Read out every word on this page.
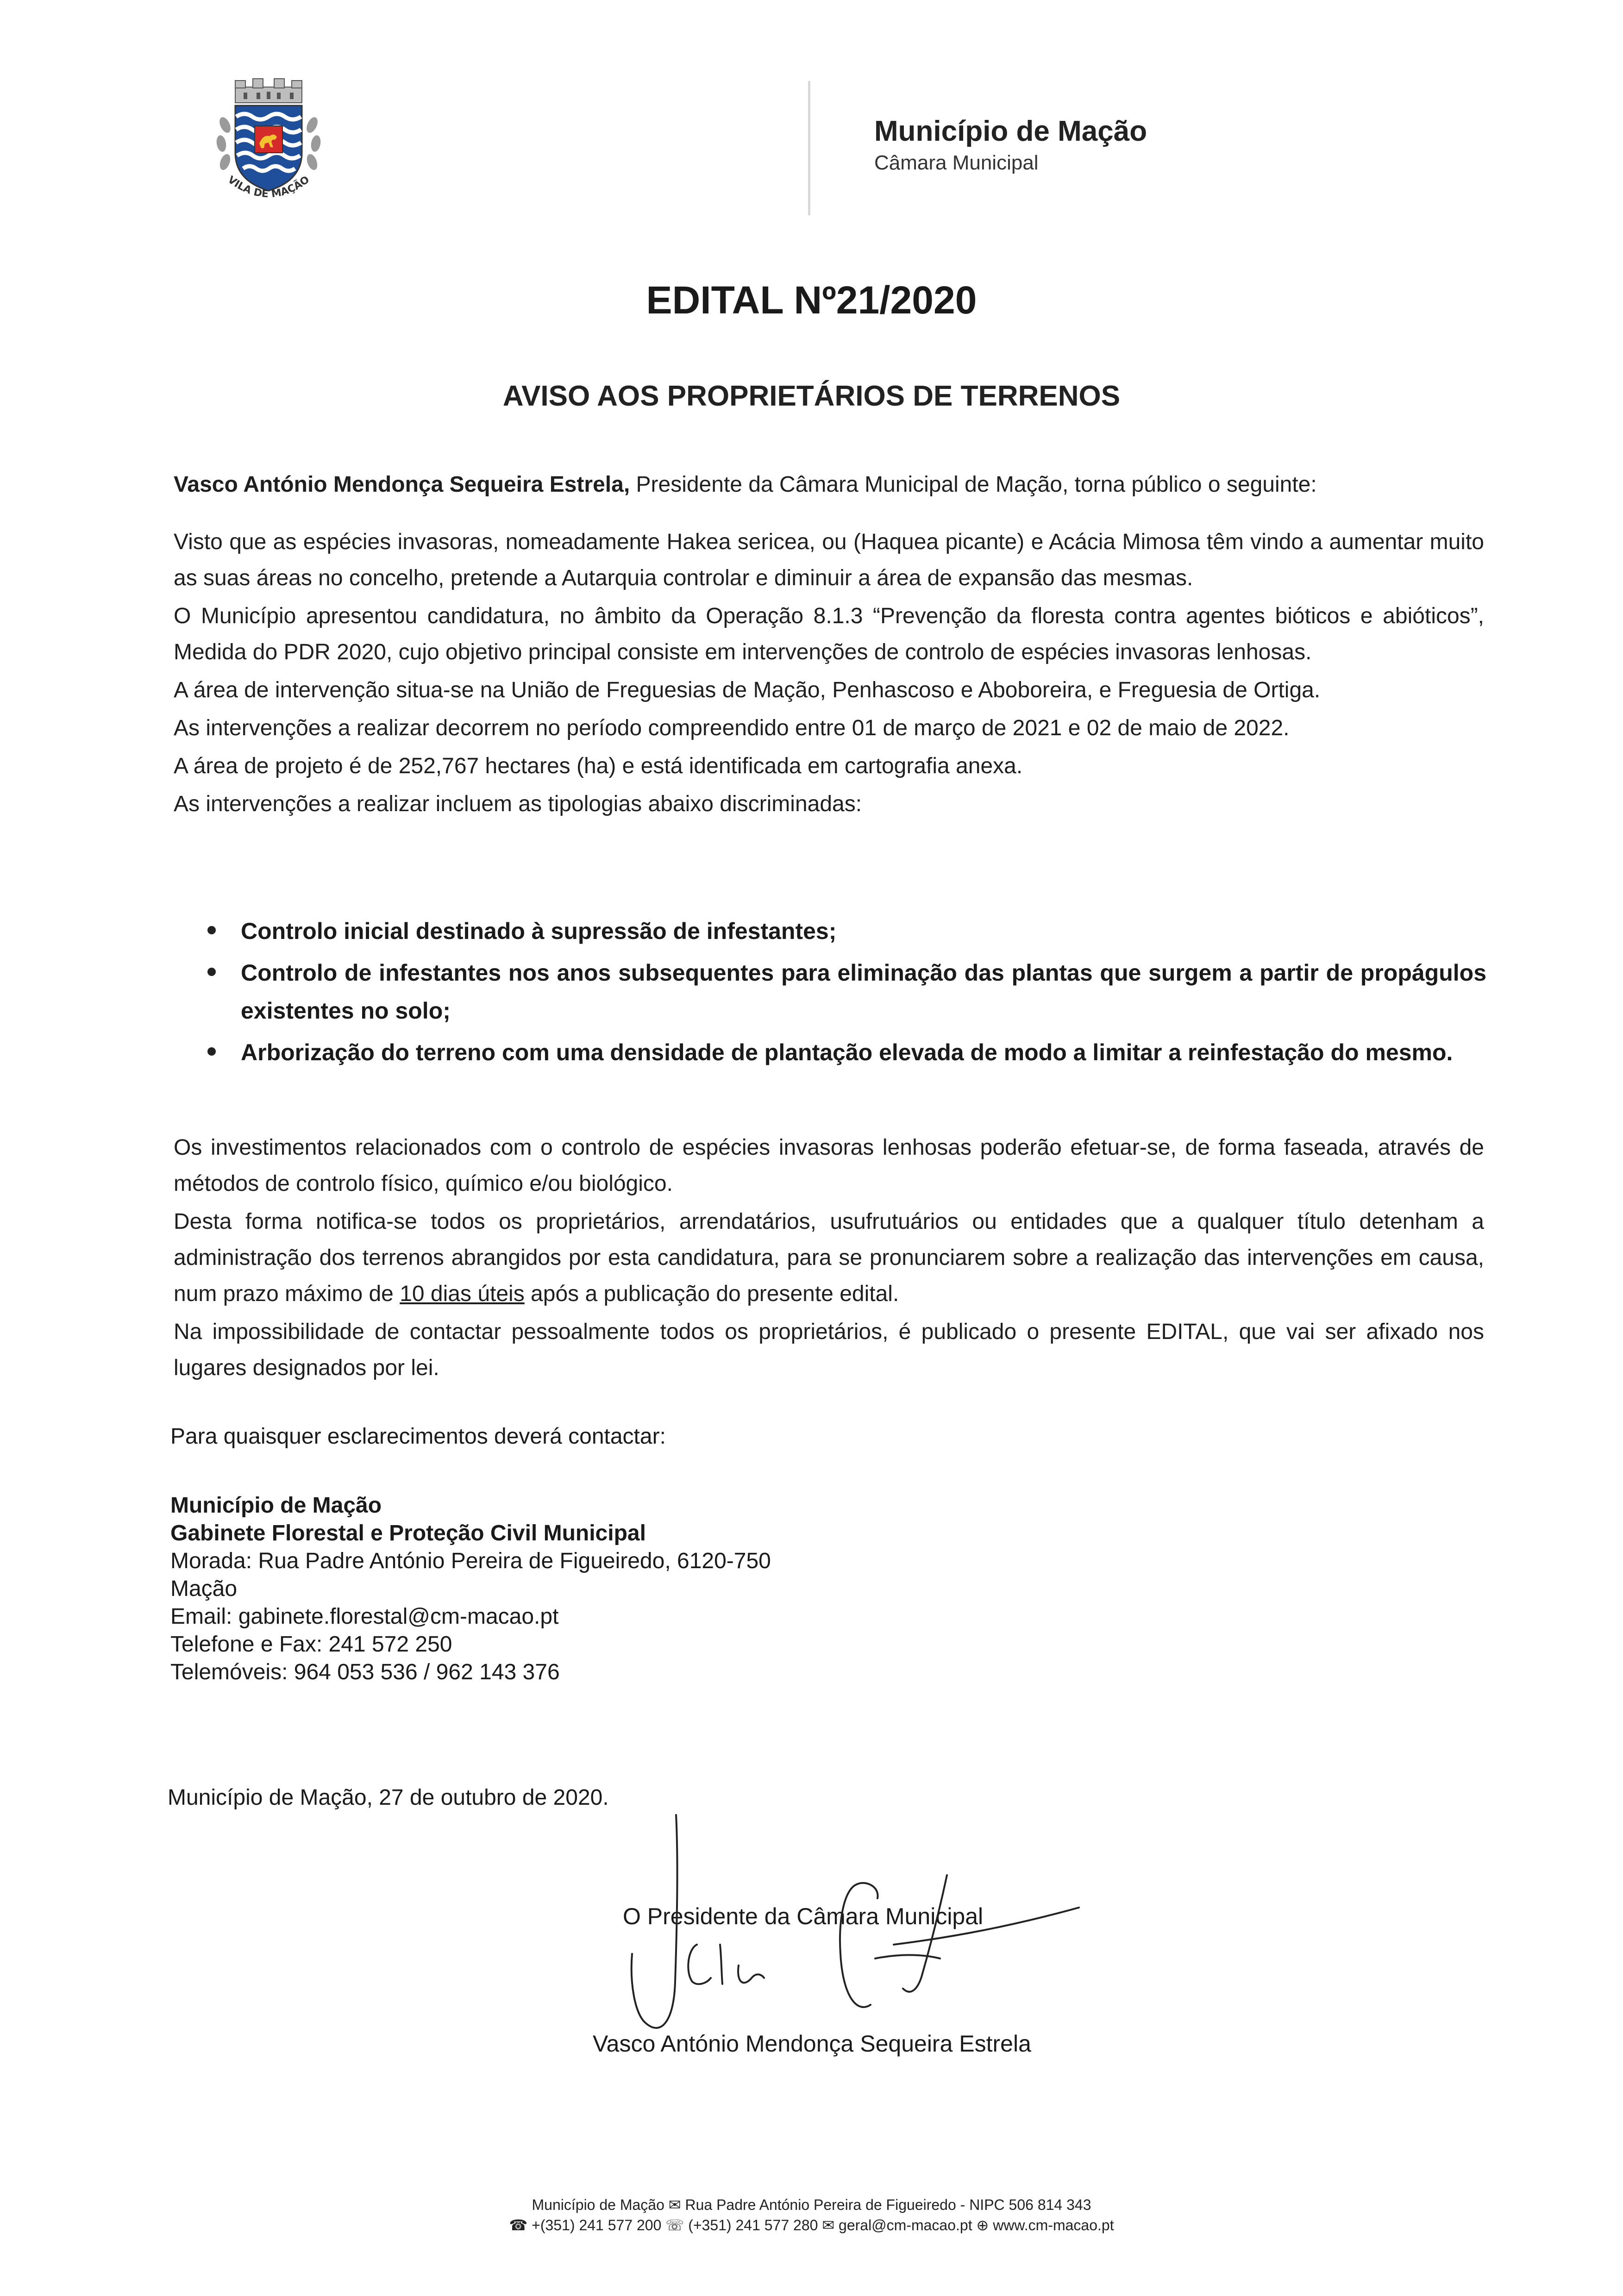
VILA DE MAÇÃO
Município de Mação
Câmara Municipal
EDITAL Nº21/2020
AVISO AOS PROPRIETÁRIOS DE TERRENOS
Vasco António Mendonça Sequeira Estrela, Presidente da Câmara Municipal de Mação, torna público o seguinte:
Visto que as espécies invasoras, nomeadamente Hakea sericea, ou (Haquea picante) e Acácia Mimosa têm vindo a aumentar muito as suas áreas no concelho, pretende a Autarquia controlar e diminuir a área de expansão das mesmas.
O Município apresentou candidatura, no âmbito da Operação 8.1.3 “Prevenção da floresta contra agentes bióticos e abióticos”, Medida do PDR 2020, cujo objetivo principal consiste em intervenções de controlo de espécies invasoras lenhosas.
A área de intervenção situa-se na União de Freguesias de Mação, Penhascoso e Aboboreira, e Freguesia de Ortiga.
As intervenções a realizar decorrem no período compreendido entre 01 de março de 2021 e 02 de maio de 2022.
A área de projeto é de 252,767 hectares (ha) e está identificada em cartografia anexa.
As intervenções a realizar incluem as tipologias abaixo discriminadas:
Controlo inicial destinado à supressão de infestantes;
Controlo de infestantes nos anos subsequentes para eliminação das plantas que surgem a partir de propágulos existentes no solo;
Arborização do terreno com uma densidade de plantação elevada de modo a limitar a reinfestação do mesmo.
Os investimentos relacionados com o controlo de espécies invasoras lenhosas poderão efetuar-se, de forma faseada, através de métodos de controlo físico, químico e/ou biológico.
Desta forma notifica-se todos os proprietários, arrendatários, usufrutuários ou entidades que a qualquer título detenham a administração dos terrenos abrangidos por esta candidatura, para se pronunciarem sobre a realização das intervenções em causa, num prazo máximo de 10 dias úteis após a publicação do presente edital.
Na impossibilidade de contactar pessoalmente todos os proprietários, é publicado o presente EDITAL, que vai ser afixado nos lugares designados por lei.
Para quaisquer esclarecimentos deverá contactar:
Município de Mação
Gabinete Florestal e Proteção Civil Municipal
Morada: Rua Padre António Pereira de Figueiredo, 6120-750
Mação
Email: gabinete.florestal@cm-macao.pt
Telefone e Fax: 241 572 250
Telemóveis: 964 053 536 / 962 143 376
Município de Mação, 27 de outubro de 2020.
O Presidente da Câmara Municipal
Vasco António Mendonça Sequeira Estrela
Município de Mação ✉ Rua Padre António Pereira de Figueiredo - NIPC 506 814 343
☎ +(351) 241 577 200 ☏ (+351) 241 577 280 ✉ geral@cm-macao.pt ⊕ www.cm-macao.pt
